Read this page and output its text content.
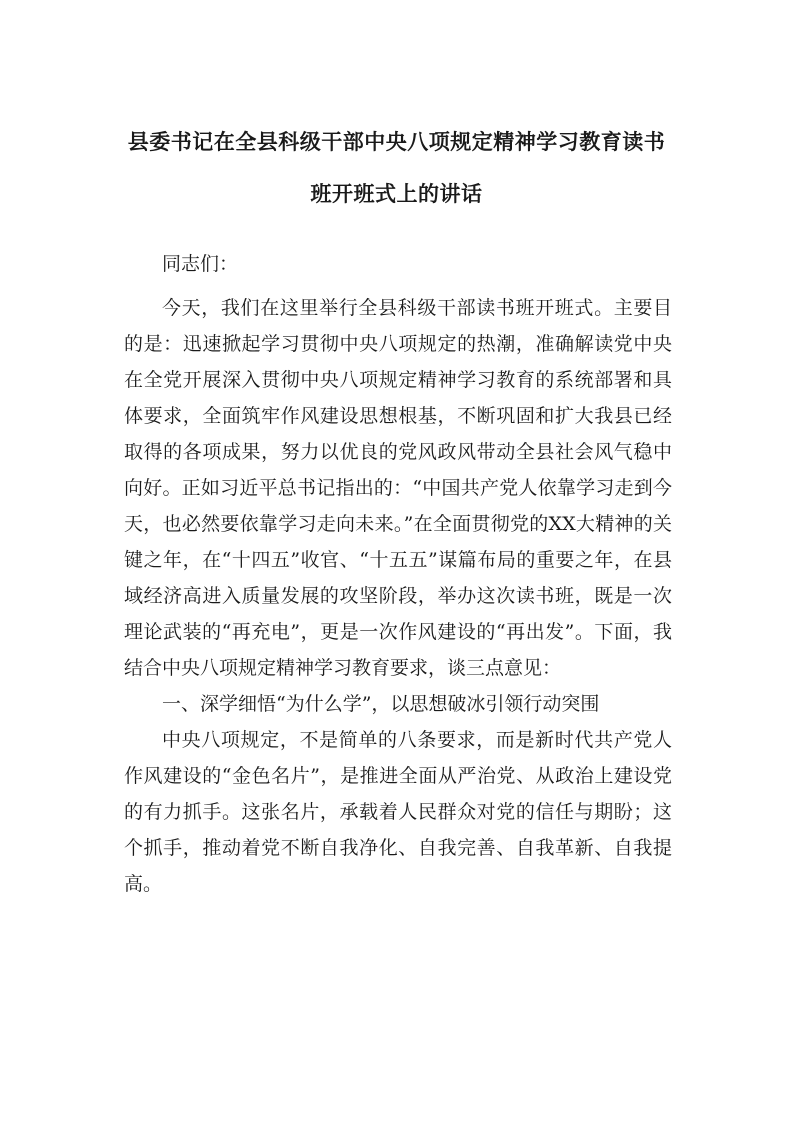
县委书记在全县科级干部中央八项规定精神学习教育读书
班开班式上的讲话

同志们：

今天，我们在这里举行全县科级干部读书班开班式。主要目的是：迅速掀起学习贯彻中央八项规定的热潮，准确解读党中央在全党开展深入贯彻中央八项规定精神学习教育的系统部署和具体要求，全面筑牢作风建设思想根基，不断巩固和扩大我县已经取得的各项成果，努力以优良的党风政风带动全县社会风气稳中向好。正如习近平总书记指出的：“中国共产党人依靠学习走到今天，也必然要依靠学习走向未来。”在全面贯彻党的XX大精神的关键之年，在“十四五”收官、“十五五”谋篇布局的重要之年，在县域经济高进入质量发展的攻坚阶段，举办这次读书班，既是一次理论武装的“再充电”，更是一次作风建设的“再出发”。下面，我结合中央八项规定精神学习教育要求，谈三点意见：

一、深学细悟“为什么学”，以思想破冰引领行动突围

中央八项规定，不是简单的八条要求，而是新时代共产党人作风建设的“金色名片”，是推进全面从严治党、从政治上建设党的有力抓手。这张名片，承载着人民群众对党的信任与期盼；这个抓手，推动着党不断自我净化、自我完善、自我革新、自我提高。
